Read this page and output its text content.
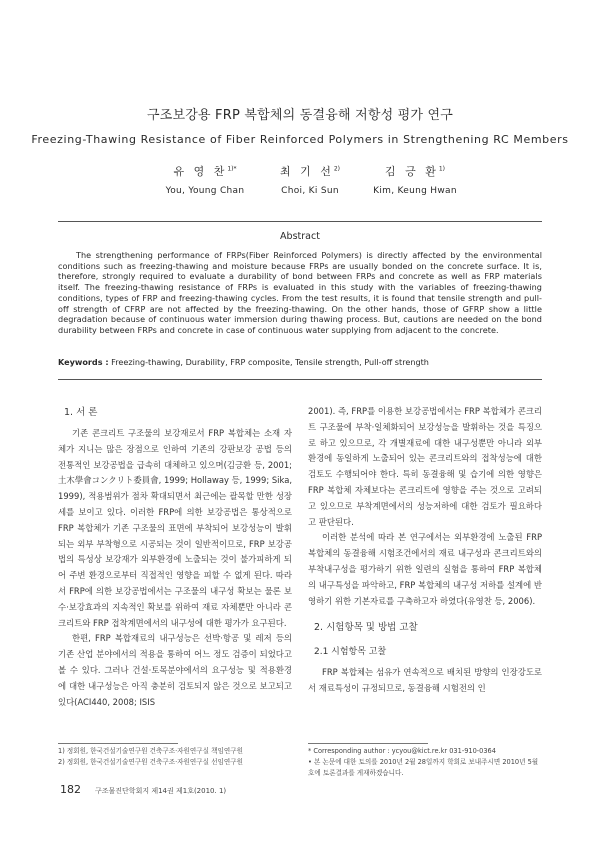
구조보강용 FRP 복합체의 동결융해 저항성 평가 연구
Freezing-Thawing Resistance of Fiber Reinforced Polymers in Strengthening RC Members
유 영 찬$^{1)*}$
You, Young Chan
최 기 선$^{2)}$
Choi, Ki Sun
김 긍 환$^{1)}$
Kim, Keung Hwan
Abstract

The strengthening performance of FRPs(Fiber Reinforced Polymers) is directly affected by the environmental conditions such as freezing-thawing and moisture because FRPs are usually bonded on the concrete surface. It is, therefore, strongly required to evaluate a durability of bond between FRPs and concrete as well as FRP materials itself. The freezing-thawing resistance of FRPs is evaluated in this study with the variables of freezing-thawing conditions, types of FRP and freezing-thawing cycles. From the test results, it is found that tensile strength and pull-off strength of CFRP are not affected by the freezing-thawing. On the other hands, those of GFRP show a little degradation because of continuous water immersion during thawing process. But, cautions are needed on the bond durability between FRPs and concrete in case of continuous water supplying from adjacent to the concrete.

Keywords : Freezing-thawing, Durability, FRP composite, Tensile strength, Pull-off strength
1. 서 론

기존 콘크리트 구조물의 보강재로서 FRP 복합체는 소재 자체가 지니는 많은 장점으로 인하여 기존의 강판보강 공법 등의 전통적인 보강공법을 급속히 대체하고 있으며(김긍환 등, 2001; 土木學會コンクリト委員會, 1999; Hollaway 등, 1999; Sika, 1999), 적용범위가 점차 확대되면서 최근에는 괄목할 만한 성장세를 보이고 있다. 이러한 FRP에 의한 보강공법은 통상적으로 FRP 복합체가 기존 구조물의 표면에 부착되어 보강성능이 발휘되는 외부 부착형으로 시공되는 것이 일반적이므로, FRP 보강공법의 특성상 보강재가 외부환경에 노출되는 것이 불가피하게 되어 주변 환경으로부터 직접적인 영향을 피할 수 없게 된다. 따라서 FRP에 의한 보강공법에서는 구조물의 내구성 확보는 물론 보수·보강효과의 지속적인 확보를 위하여 재료 자체뿐만 아니라 콘크리트와 FRP 접착계면에서의 내구성에 대한 평가가 요구된다.

한편, FRP 복합재료의 내구성능은 선박·항공 및 레저 등의 기존 산업 분야에서의 적용을 통하여 어느 정도 검증이 되었다고 볼 수 있다. 그러나 건설·토목분야에서의 요구성능 및 적용환경에 대한 내구성능은 아직 충분히 검토되지 않은 것으로 보고되고 있다(ACI440, 2008; ISIS

2001). 즉, FRP를 이용한 보강공법에서는 FRP 복합체가 콘크리트 구조물에 부착·일체화되어 보강성능을 발휘하는 것을 특징으로 하고 있으므로, 각 개별재료에 대한 내구성뿐만 아니라 외부환경에 동일하게 노출되어 있는 콘크리트와의 접착성능에 대한 검토도 수행되어야 한다. 특히 동결융해 및 습기에 의한 영향은 FRP 복합체 자체보다는 콘크리트에 영향을 주는 것으로 고려되고 있으므로 부착계면에서의 성능저하에 대한 검토가 필요하다고 판단된다.

이러한 분석에 따라 본 연구에서는 외부환경에 노출된 FRP 복합체의 동결융해 시험조건에서의 재료 내구성과 콘크리트와의 부착내구성을 평가하기 위한 일련의 실험을 통하여 FRP 복합체의 내구특성을 파악하고, FRP 복합체의 내구성 저하를 설계에 반영하기 위한 기본자료를 구축하고자 하였다(유영찬 등, 2006).

2. 시험항목 및 방법 고찰
2.1 시험항목 고찰

FRP 복합체는 섬유가 연속적으로 배치된 방향의 인장강도로서 재료특성이 규정되므로, 동결융해 시험전의 인

1) 정회원, 한국건설기술연구원 건축구조·자원연구실 책임연구원
2) 정회원, 한국건설기술연구원 건축구조·자원연구실 선임연구원
* Corresponding author : ycyou@kict.re.kr 031-910-0364
• 본 논문에 대한 토의를 2010년 2월 28일까지 학회로 보내주시면 2010년 5월호에 토론결과를 게재하겠습니다.
182 구조물진단학회지 제14권 제1호(2010. 1)
